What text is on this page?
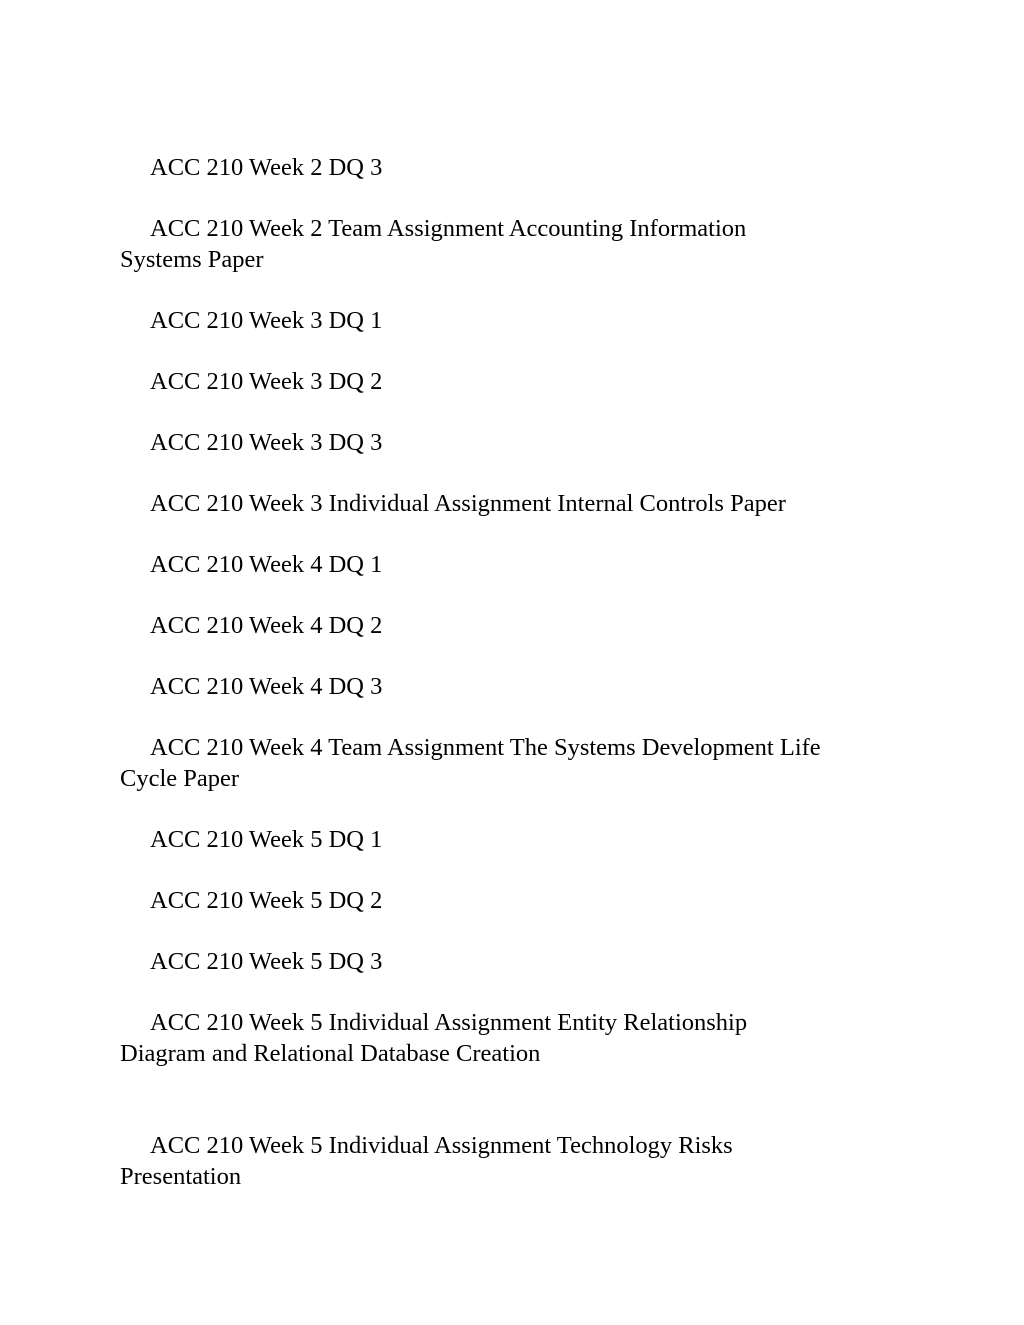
ACC 210 Week 2 DQ 3

ACC 210 Week 2 Team Assignment Accounting Information
Systems Paper

ACC 210 Week 3 DQ 1

ACC 210 Week 3 DQ 2

ACC 210 Week 3 DQ 3

ACC 210 Week 3 Individual Assignment Internal Controls Paper

ACC 210 Week 4 DQ 1

ACC 210 Week 4 DQ 2

ACC 210 Week 4 DQ 3

ACC 210 Week 4 Team Assignment The Systems Development Life
Cycle Paper

ACC 210 Week 5 DQ 1

ACC 210 Week 5 DQ 2

ACC 210 Week 5 DQ 3

ACC 210 Week 5 Individual Assignment Entity Relationship
Diagram and Relational Database Creation

ACC 210 Week 5 Individual Assignment Technology Risks
Presentation
